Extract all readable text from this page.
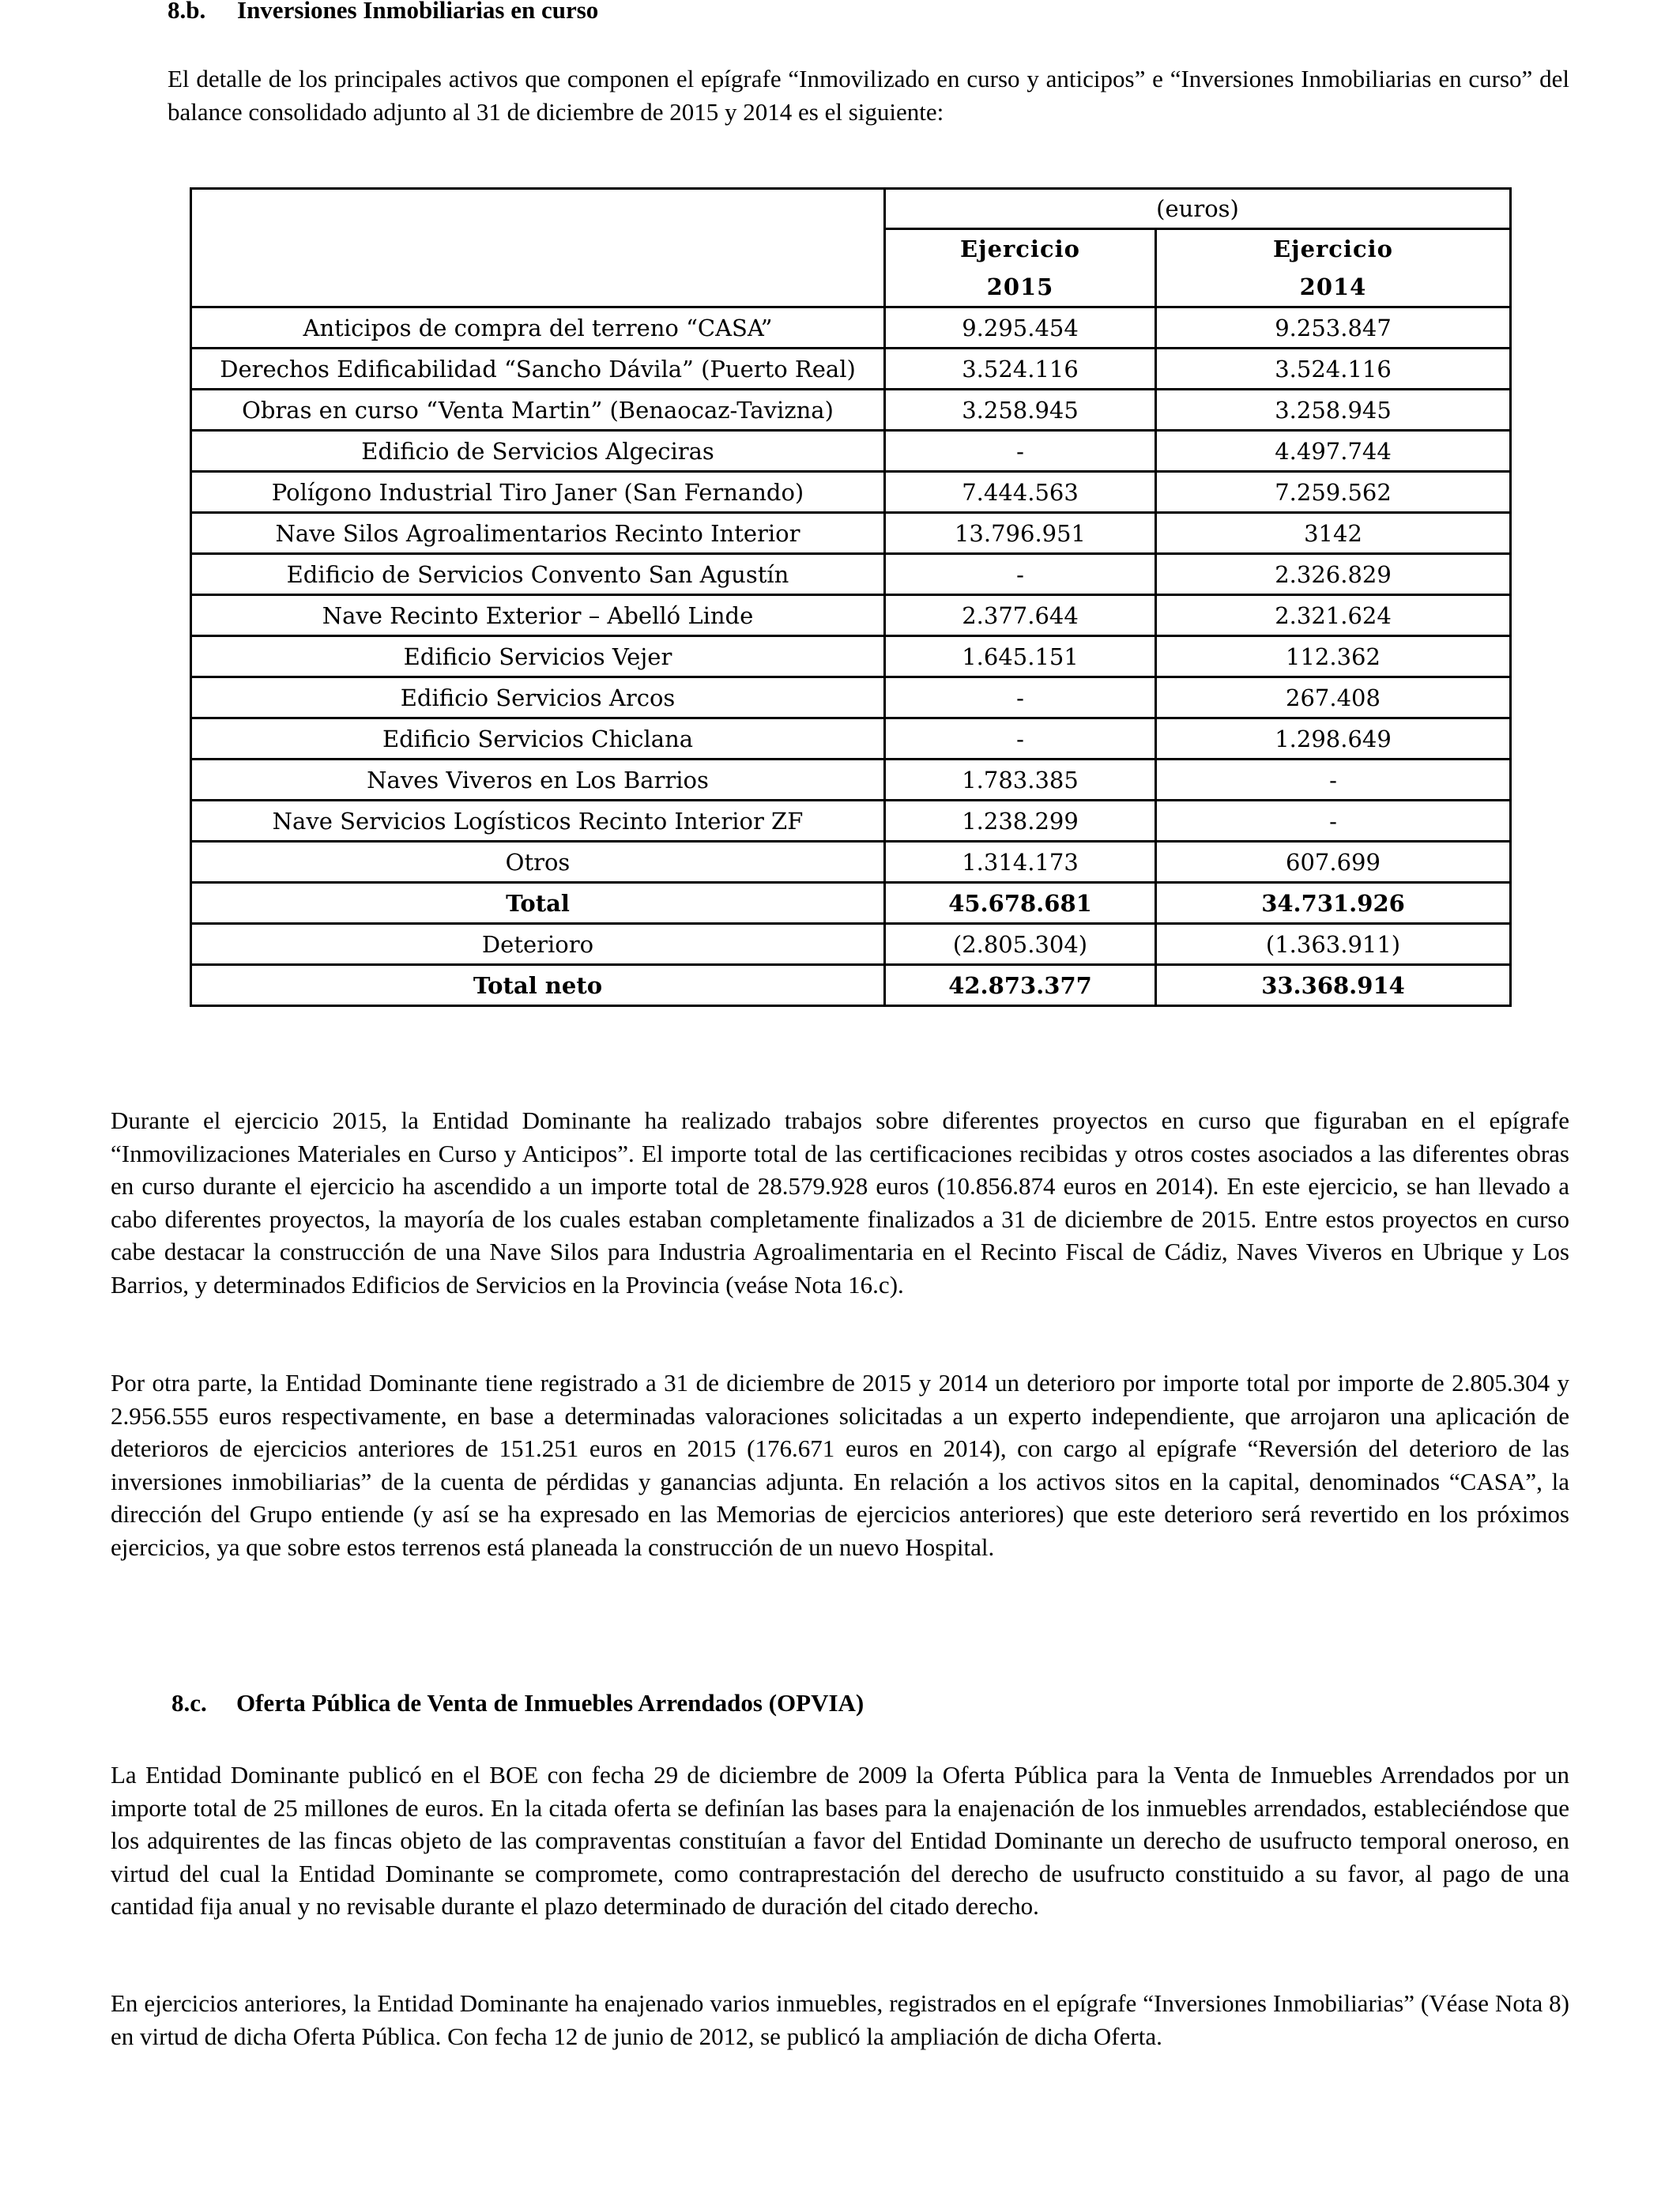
8.b. Inversiones Inmobiliarias en curso
El detalle de los principales activos que componen el epígrafe “Inmovilizado en curso y anticipos” e “Inversiones Inmobiliarias en curso” del balance consolidado adjunto al 31 de diciembre de 2015 y 2014 es el siguiente:
	(euros)	
	Ejercicio	Ejercicio
	2015	2014
Anticipos de compra del terreno “CASA”	9.295.454	9.253.847
Derechos Edificabilidad “Sancho Dávila” (Puerto Real)	3.524.116	3.524.116
Obras en curso “Venta Martin” (Benaocaz-Tavizna)	3.258.945	3.258.945
Edificio de Servicios Algeciras	-	4.497.744
Polígono Industrial Tiro Janer (San Fernando)	7.444.563	7.259.562
Nave Silos Agroalimentarios Recinto Interior	13.796.951	3142
Edificio de Servicios Convento San Agustín	-	2.326.829
Nave Recinto Exterior – Abelló Linde	2.377.644	2.321.624
Edificio Servicios Vejer	1.645.151	112.362
Edificio Servicios Arcos	-	267.408
Edificio Servicios Chiclana	-	1.298.649
Naves Viveros en Los Barrios	1.783.385	-
Nave Servicios Logísticos Recinto Interior ZF	1.238.299	-
Otros	1.314.173	607.699
Total	45.678.681	34.731.926
Deterioro	(2.805.304)	(1.363.911)
Total neto	42.873.377	33.368.914
Durante el ejercicio 2015, la Entidad Dominante ha realizado trabajos sobre diferentes proyectos en curso que figuraban en el epígrafe “Inmovilizaciones Materiales en Curso y Anticipos”. El importe total de las certificaciones recibidas y otros costes asociados a las diferentes obras en curso durante el ejercicio ha ascendido a un importe total de 28.579.928 euros (10.856.874 euros en 2014). En este ejercicio, se han llevado a cabo diferentes proyectos, la mayoría de los cuales estaban completamente finalizados a 31 de diciembre de 2015. Entre estos proyectos en curso cabe destacar la construcción de una Nave Silos para Industria Agroalimentaria en el Recinto Fiscal de Cádiz, Naves Viveros en Ubrique y Los Barrios, y determinados Edificios de Servicios en la Provincia (veáse Nota 16.c).
Por otra parte, la Entidad Dominante tiene registrado a 31 de diciembre de 2015 y 2014 un deterioro por importe total por importe de 2.805.304 y 2.956.555 euros respectivamente, en base a determinadas valoraciones solicitadas a un experto independiente, que arrojaron una aplicación de deterioros de ejercicios anteriores de 151.251 euros en 2015 (176.671 euros en 2014), con cargo al epígrafe “Reversión del deterioro de las inversiones inmobiliarias” de la cuenta de pérdidas y ganancias adjunta. En relación a los activos sitos en la capital, denominados “CASA”, la dirección del Grupo entiende (y así se ha expresado en las Memorias de ejercicios anteriores) que este deterioro será revertido en los próximos ejercicios, ya que sobre estos terrenos está planeada la construcción de un nuevo Hospital.
8.c. Oferta Pública de Venta de Inmuebles Arrendados (OPVIA)
La Entidad Dominante publicó en el BOE con fecha 29 de diciembre de 2009 la Oferta Pública para la Venta de Inmuebles Arrendados por un importe total de 25 millones de euros. En la citada oferta se definían las bases para la enajenación de los inmuebles arrendados, estableciéndose que los adquirentes de las fincas objeto de las compraventas constituían a favor del Entidad Dominante un derecho de usufructo temporal oneroso, en virtud del cual la Entidad Dominante se compromete, como contraprestación del derecho de usufructo constituido a su favor, al pago de una cantidad fija anual y no revisable durante el plazo determinado de duración del citado derecho.
En ejercicios anteriores, la Entidad Dominante ha enajenado varios inmuebles, registrados en el epígrafe “Inversiones Inmobiliarias” (Véase Nota 8) en virtud de dicha Oferta Pública. Con fecha 12 de junio de 2012, se publicó la ampliación de dicha Oferta.
